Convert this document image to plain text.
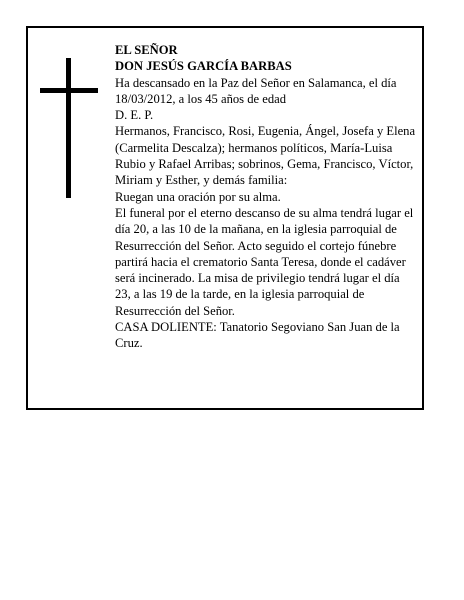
EL SEÑOR

DON JESÚS GARCÍA BARBAS

Ha descansado en la Paz del Señor en Salamanca, el día 18/03/2012, a los 45 años de edad

D. E. P.

Hermanos, Francisco, Rosi, Eugenia, Ángel, Josefa y Elena (Carmelita Descalza); hermanos políticos, María-Luisa Rubio y Rafael Arribas; sobrinos, Gema, Francisco, Víctor, Miriam y Esther, y demás familia:

Ruegan una oración por su alma.

El funeral por el eterno descanso de su alma tendrá lugar el día 20, a las 10 de la mañana, en la iglesia parroquial de Resurrección del Señor. Acto seguido el cortejo fúnebre partirá hacia el crematorio Santa Teresa, donde el cadáver será incinerado. La misa de privilegio tendrá lugar el día 23, a las 19 de la tarde, en la iglesia parroquial de Resurrección del Señor.

CASA DOLIENTE: Tanatorio Segoviano San Juan de la Cruz.
